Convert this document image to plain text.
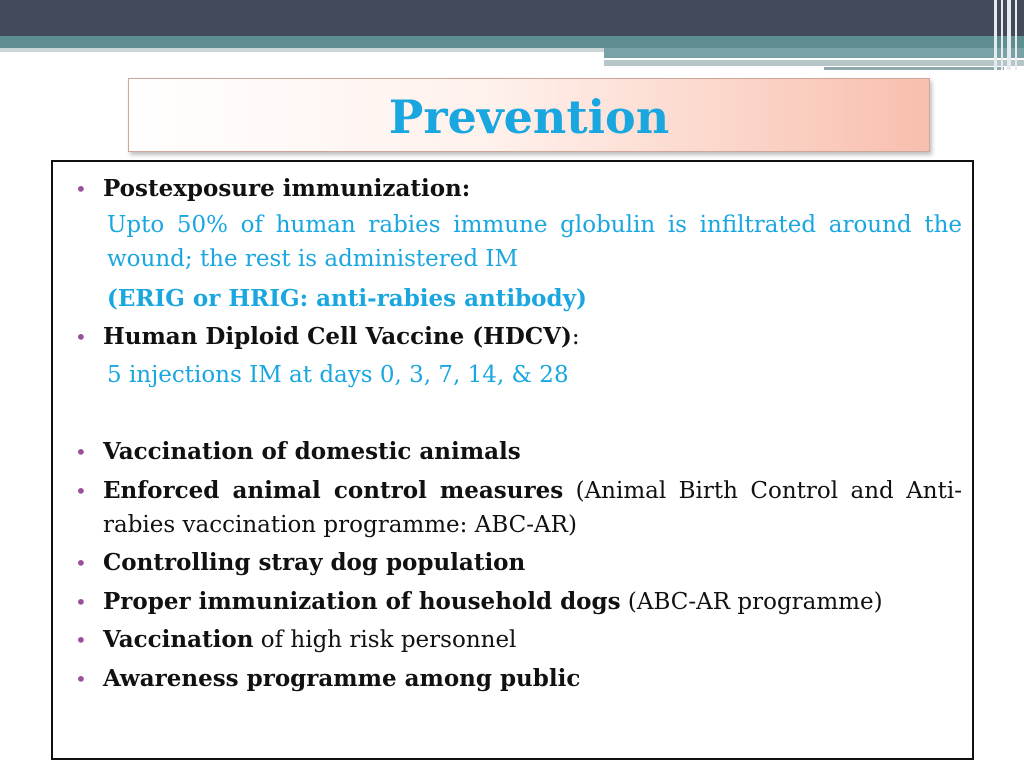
Prevention
• Postexposure immunization:
Upto 50% of human rabies immune globulin is infiltrated around the wound; the rest is administered IM
(ERIG or HRIG: anti-rabies antibody)
• Human Diploid Cell Vaccine (HDCV):
5 injections IM at days 0, 3, 7, 14, & 28
• Vaccination of domestic animals
• Enforced animal control measures (Animal Birth Control and Anti-rabies vaccination programme: ABC-AR)
• Controlling stray dog population
• Proper immunization of household dogs (ABC-AR programme)
• Vaccination of high risk personnel
• Awareness programme among public
